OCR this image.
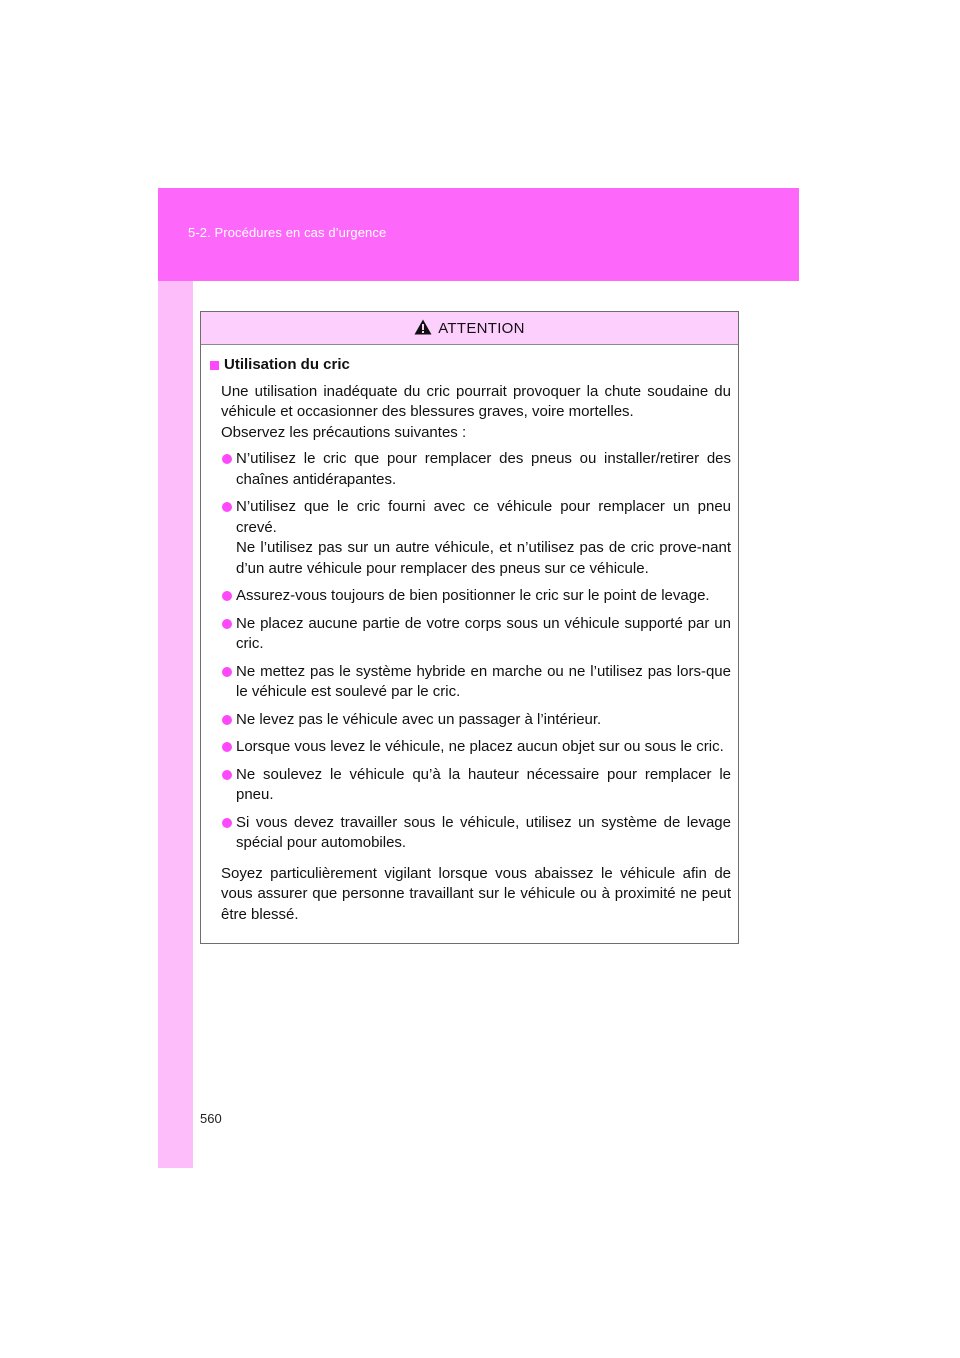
5-2. Procédures en cas d’urgence
ATTENTION
Utilisation du cric

Une utilisation inadéquate du cric pourrait provoquer la chute soudaine du véhicule et occasionner des blessures graves, voire mortelles.

Observez les précautions suivantes :

N’utilisez le cric que pour remplacer des pneus ou installer/retirer des chaînes antidérapantes.
N’utilisez que le cric fourni avec ce véhicule pour remplacer un pneu crevé.
Ne l’utilisez pas sur un autre véhicule, et n’utilisez pas de cric prove-nant d’un autre véhicule pour remplacer des pneus sur ce véhicule.
Assurez-vous toujours de bien positionner le cric sur le point de levage.
Ne placez aucune partie de votre corps sous un véhicule supporté par un cric.
Ne mettez pas le système hybride en marche ou ne l’utilisez pas lors-que le véhicule est soulevé par le cric.
Ne levez pas le véhicule avec un passager à l’intérieur.
Lorsque vous levez le véhicule, ne placez aucun objet sur ou sous le cric.
Ne soulevez le véhicule qu’à la hauteur nécessaire pour remplacer le pneu.
Si vous devez travailler sous le véhicule, utilisez un système de levage spécial pour automobiles.

Soyez particulièrement vigilant lorsque vous abaissez le véhicule afin de vous assurer que personne travaillant sur le véhicule ou à proximité ne peut être blessé.

560
